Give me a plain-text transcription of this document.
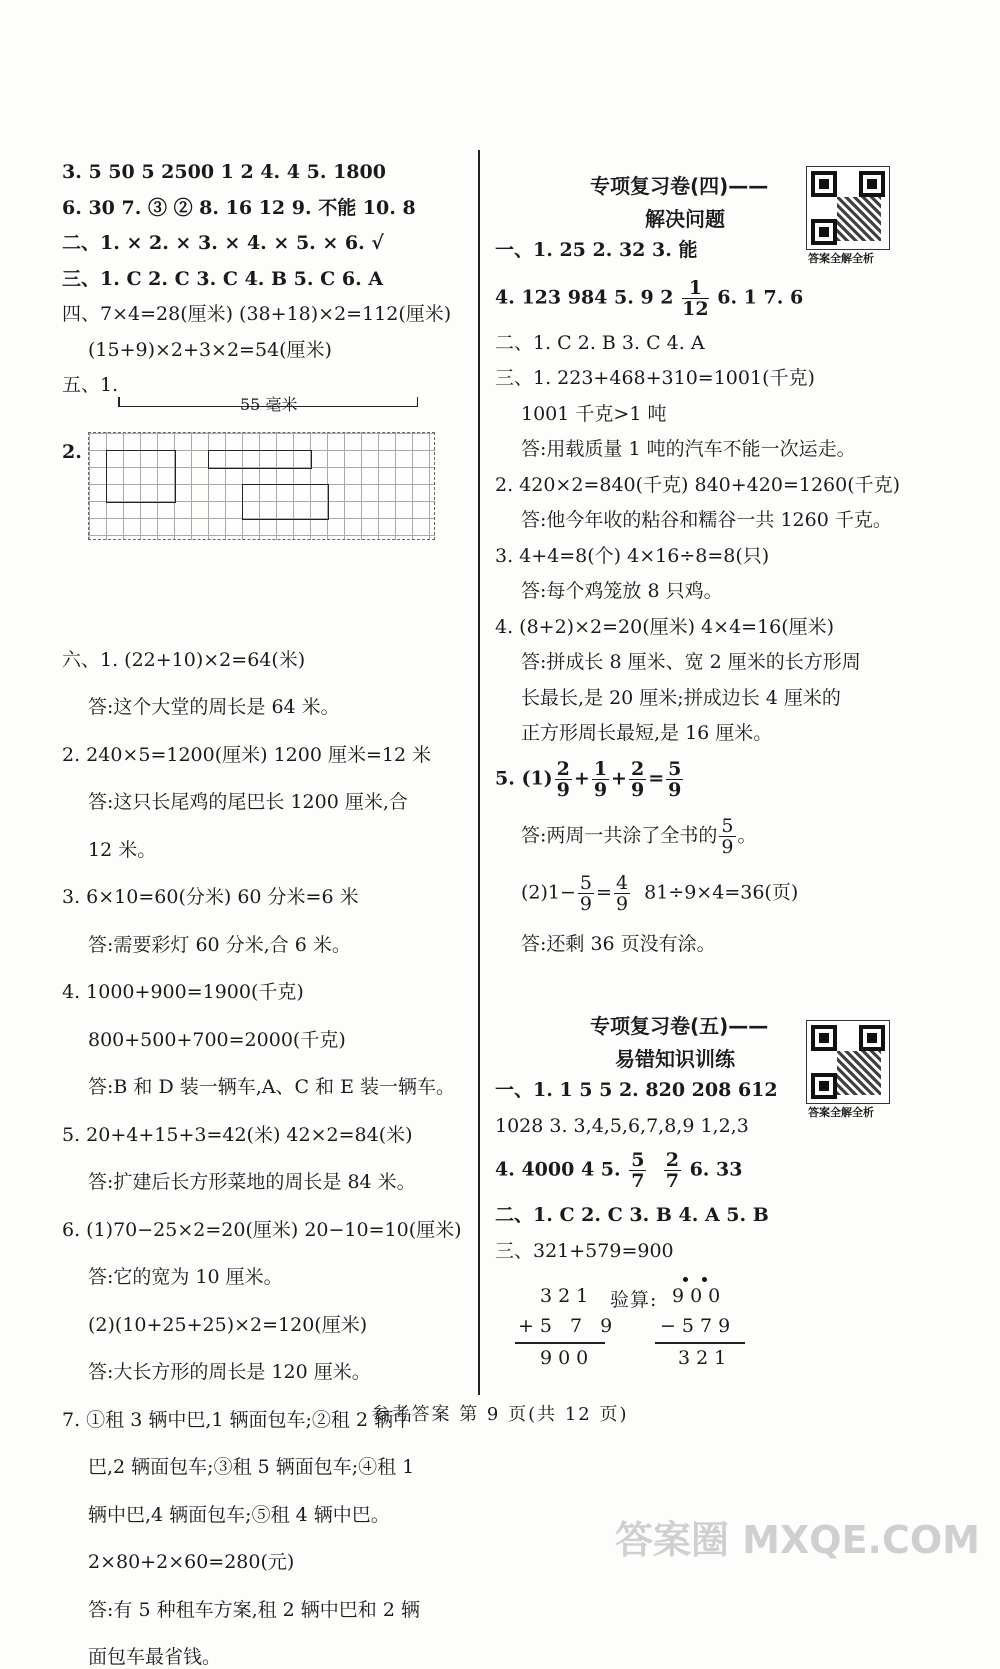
3. 5 50 5 2500 1 2 4. 4 5. 1800
6. 30 7. ③ ② 8. 16 12 9. 不能 10. 8
二、1. × 2. × 3. × 4. × 5. × 6. √
三、1. C 2. C 3. C 4. B 5. C 6. A
四、7×4=28(厘米) (38+18)×2=112(厘米)
(15+9)×2+3×2=54(厘米)
五、1.
55 毫米
2.
六、1. (22+10)×2=64(米)
答:这个大堂的周长是 64 米。
2. 240×5=1200(厘米) 1200 厘米=12 米
答:这只长尾鸡的尾巴长 1200 厘米,合
12 米。
3. 6×10=60(分米) 60 分米=6 米
答:需要彩灯 60 分米,合 6 米。
4. 1000+900=1900(千克)
800+500+700=2000(千克)
答:B 和 D 装一辆车,A、C 和 E 装一辆车。
5. 20+4+15+3=42(米) 42×2=84(米)
答:扩建后长方形菜地的周长是 84 米。
6. (1)70−25×2=20(厘米) 20−10=10(厘米)
答:它的宽为 10 厘米。
(2)(10+25+25)×2=120(厘米)
答:大长方形的周长是 120 厘米。
7. ①租 3 辆中巴,1 辆面包车;②租 2 辆中
巴,2 辆面包车;③租 5 辆面包车;④租 1
辆中巴,4 辆面包车;⑤租 4 辆中巴。
2×80+2×60=280(元)
答:有 5 种租车方案,租 2 辆中巴和 2 辆
面包车最省钱。
专项复习卷(四)——
解决问题
答案全解全析
一、1. 25 2. 32 3. 能
4. 123 984 5. 9 $2 \frac{1}{12} 6$. 1 7. 6
二、1. C 2. B 3. C 4. A
三、1. 223+468+310=1001(千克)
1001 千克>1 吨
答:用载质量 1 吨的汽车不能一次运走。
2. 420×2=840(千克) 840+420=1260(千克)
答:他今年收的粘谷和糯谷一共 1260 千克。
3. 4+4=8(个) 4×16÷8=8(只)
答:每个鸡笼放 8 只鸡。
4. (8+2)×2=20(厘米) 4×4=16(厘米)
答:拼成长 8 厘米、宽 2 厘米的长方形周
长最长,是 20 厘米;拼成边长 4 厘米的
正方形周长最短,是 16 厘米。
5. $(1) \frac{2}{9} + \frac{1}{9} + \frac{2}{9} = \frac{5}{9}$
答:两周一共涂了全书的 $\frac{5}{9}$ 。
$(2)1- \frac{5}{9} = \frac{4}{9} 81\div 9\times 4=36$(页)
答:还剩 36 页没有涂。
专项复习卷(五)——
易错知识训练
答案全解全析
一、1. 1 5 5 2. 820 208 612
1028 3. 3,4,5,6,7,8,9 1,2,3
4. 4000 4 5. $\frac{5}{7}$
$\frac{2}{7} 6$. 33
二、1. C 2. C 3. B 4. A 5. B
三、321+579=900
321 验算: 900
+5 7 9 −579
900	321
参考答案 第 9 页(共 12 页)
答案圈 MXQE.COM
